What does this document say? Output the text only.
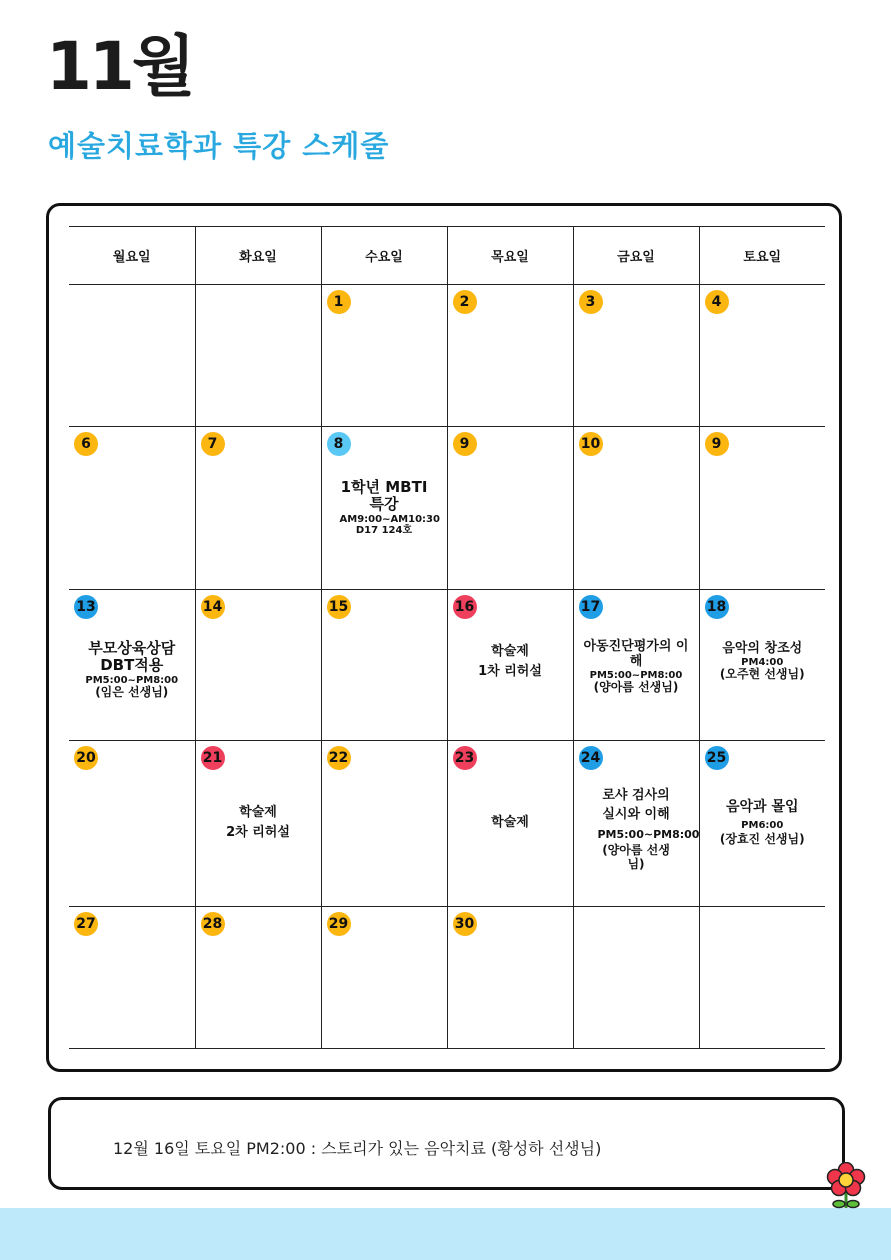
11월
예술치료학과 특강 스케줄
월요일	화요일	수요일	목요일	금요일	토요일

		1	2	3	4

6	7	8
1학년 MBTI특강
AM9:00~AM10:30
D17 124호	9	10	9

13
부모상육상담 DBT적용
PM5:00~PM8:00
(임은 선생님)	14	15	16
학술제
1차 리허설	17
아동진단평가의 이해
PM5:00~PM8:00
(양아름 선생님)	18
음악의 창조성
PM4:00
(오주현 선생님)

20	21
학술제
2차 리허설	22	23
학술제	24
로샤 검사의 실시와 이해
PM5:00~PM8:00
(양아름 선생님)	25
음악과 몰입
PM6:00
(장효진 선생님)

27	28	29	30		

12월 16일 토요일 PM2:00 : 스토리가 있는 음악치료 (황성하 선생님)
